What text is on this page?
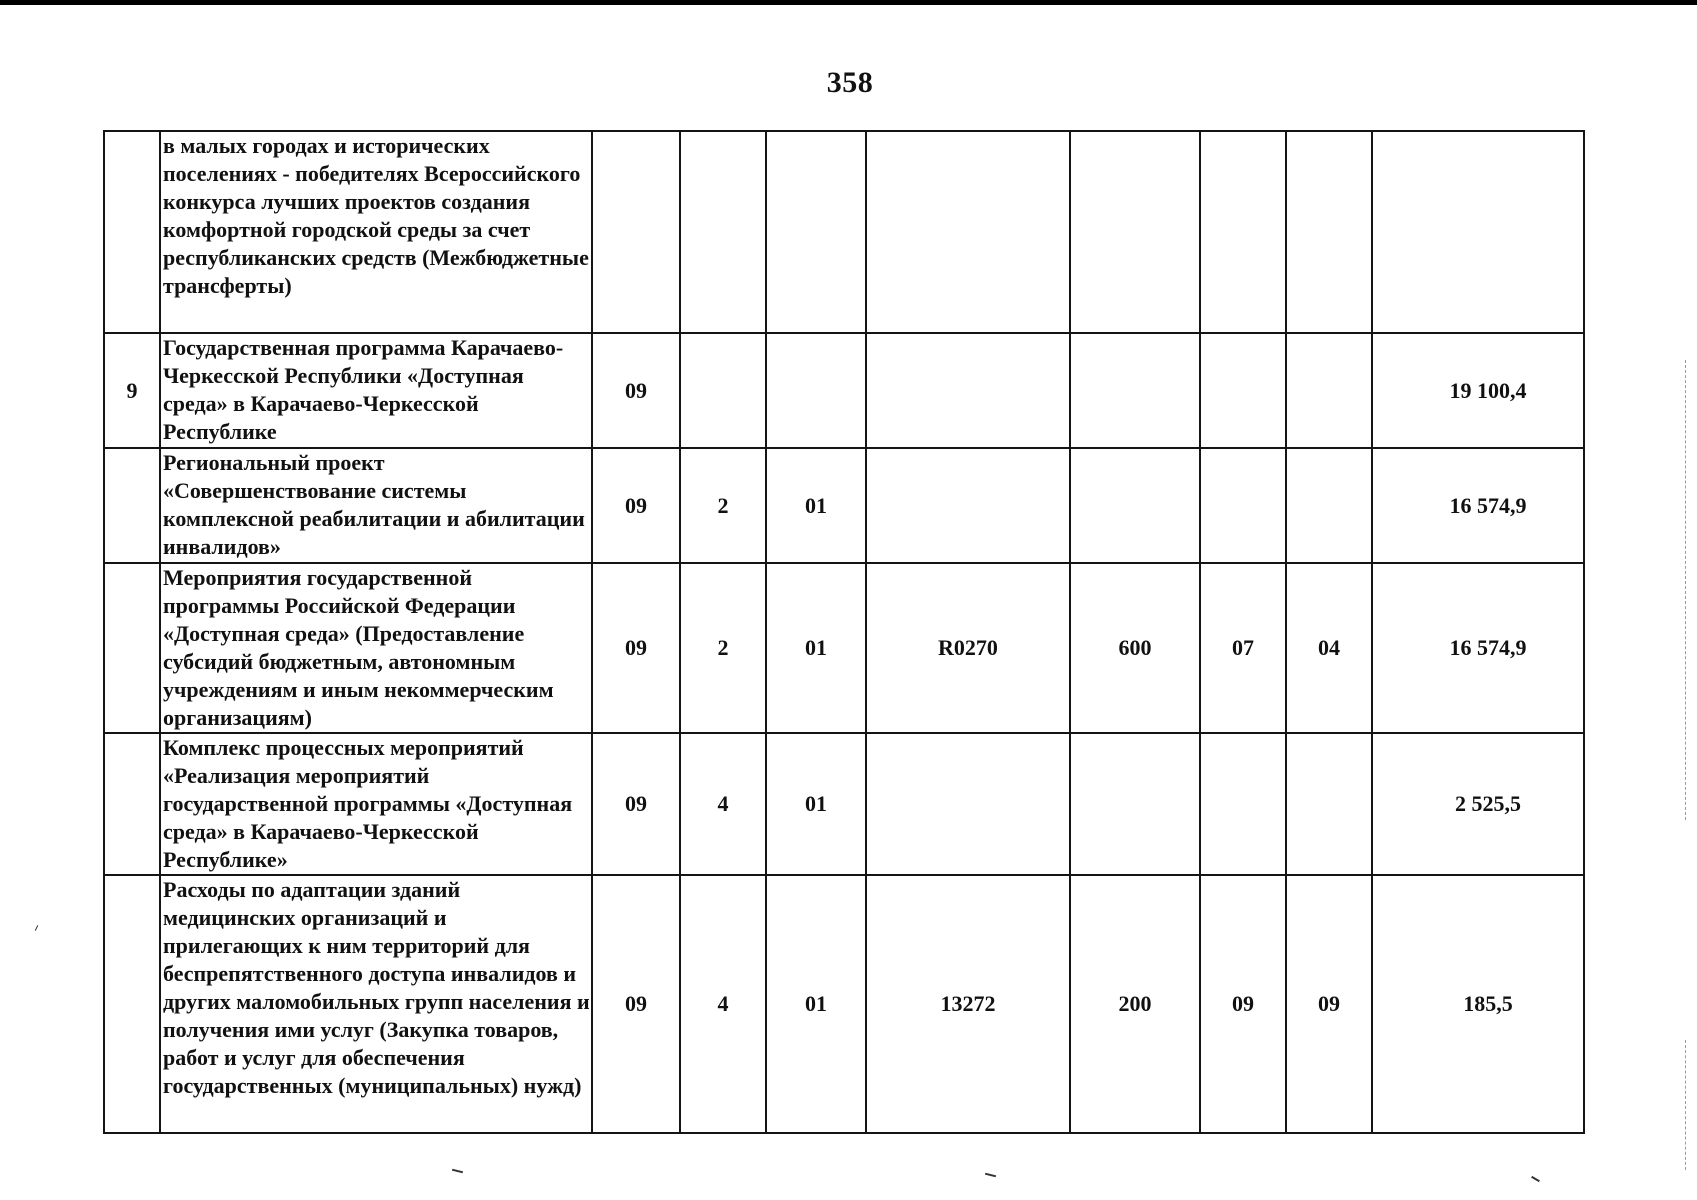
358
	в малых городах и исторических поселениях - победителях Всероссийского конкурса лучших проектов создания комфортной городской среды за счет республиканских средств (Межбюджетные трансферты)								
9	Государственная программа Карачаево-Черкесской Республики «Доступная среда» в Карачаево-Черкесской Республике	09							19 100,4
	Региональный проект «Совершенствование системы комплексной реабилитации и абилитации инвалидов»	09	2	01					16 574,9
	Мероприятия государственной программы Российской Федерации «Доступная среда» (Предоставление субсидий бюджетным, автономным учреждениям и иным некоммерческим организациям)	09	2	01	R0270	600	07	04	16 574,9
	Комплекс процессных мероприятий «Реализация мероприятий государственной программы «Доступная среда» в Карачаево-Черкесской Республике»	09	4	01					2 525,5
	Расходы по адаптации зданий медицинских организаций и прилегающих к ним территорий для беспрепятственного доступа инвалидов и других маломобильных групп населения и получения ими услуг (Закупка товаров, работ и услуг для обеспечения государственных (муниципальных) нужд)	09	4	01	13272	200	09	09	185,5
